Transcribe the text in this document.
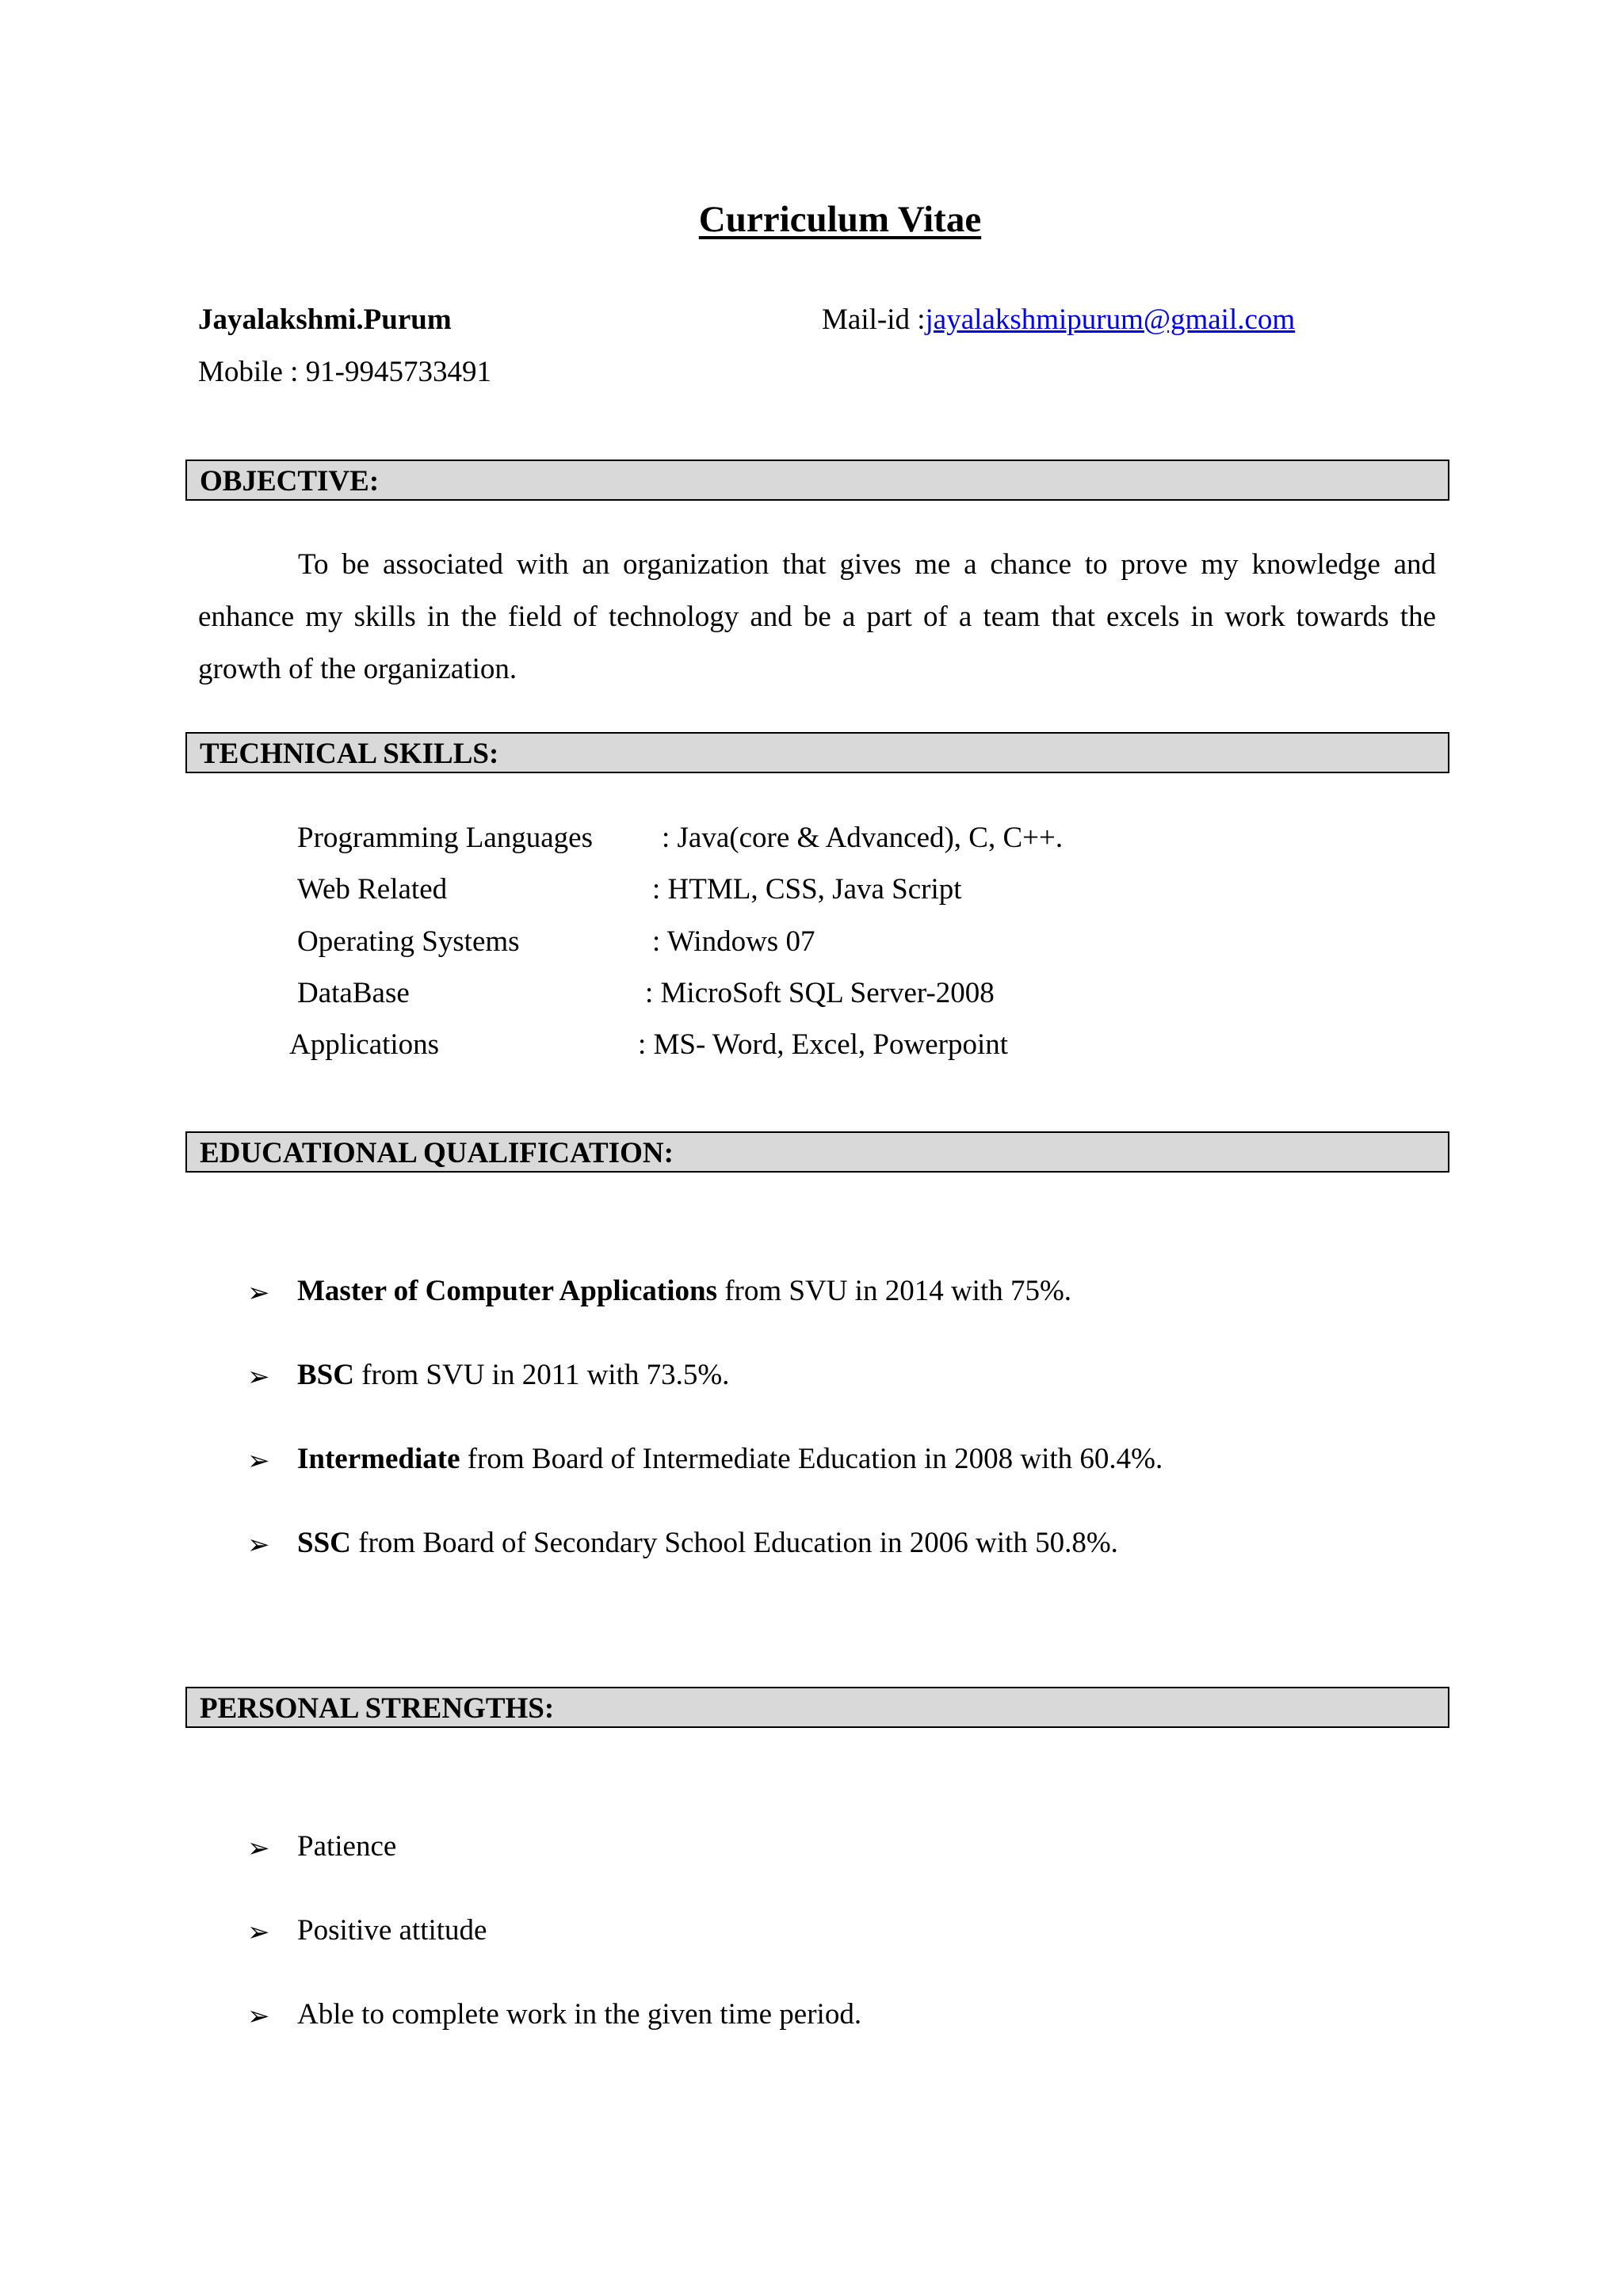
Curriculum Vitae
Jayalakshmi.Purum	Mail-id :jayalakshmipurum@gmail.com
Mobile : 91-9945733491
OBJECTIVE:
To be associated with an organization that gives me a chance to prove my knowledge and enhance my skills in the field of technology and be a part of a team that excels in work towards the growth of the organization.
TECHNICAL SKILLS:
Programming Languages : Java(core & Advanced), C, C++.
Web Related	: HTML, CSS, Java Script
Operating Systems	: Windows 07
DataBase	: MicroSoft SQL Server-2008
Applications	: MS- Word, Excel, Powerpoint
EDUCATIONAL QUALIFICATION:
➢ Master of Computer Applications from SVU in 2014 with 75%.
➢ BSC from SVU in 2011 with 73.5%.
➢ Intermediate from Board of Intermediate Education in 2008 with 60.4%.
➢ SSC from Board of Secondary School Education in 2006 with 50.8%.
PERSONAL STRENGTHS:
➢ Patience
➢ Positive attitude
➢ Able to complete work in the given time period.
